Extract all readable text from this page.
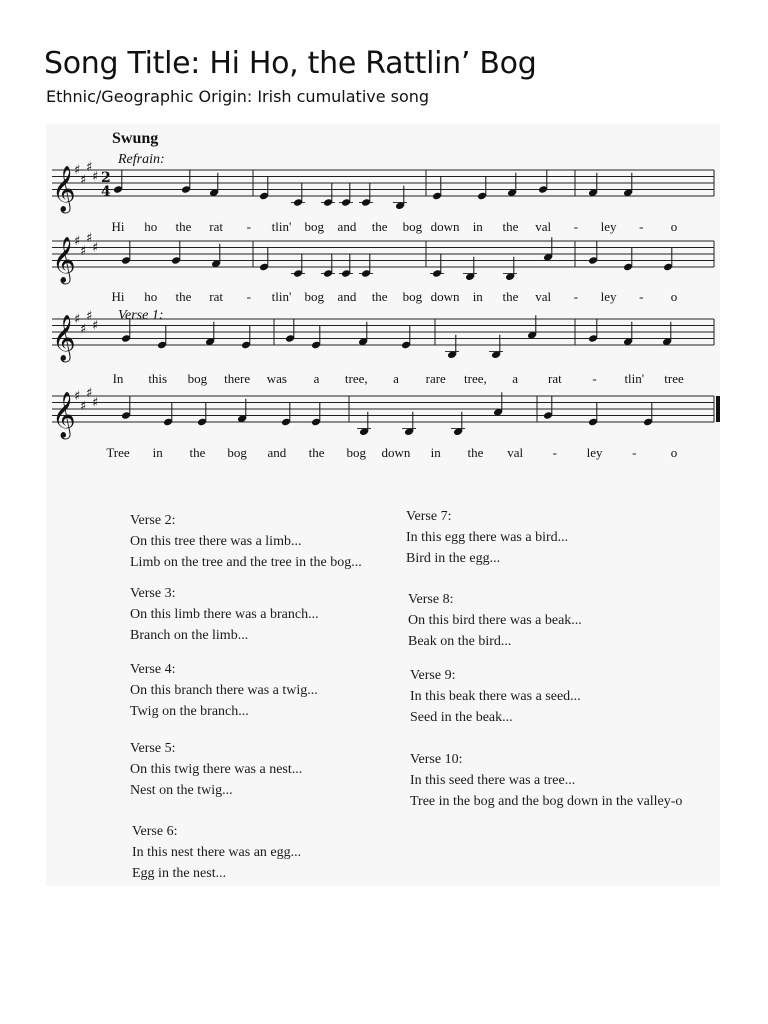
Song Title: Hi Ho, the Rattlin’ Bog
Ethnic/Geographic Origin: Irish cumulative song
Swung
Refrain:
Verse 1:
𝄞
♯
♯
♯
♯ 2
4
Hi ho the rat - tlin' bog and the bog down in the val - ley - o
𝄞
♯
♯
♯
♯
Hi ho the rat - tlin' bog and the bog down in the val - ley - o
𝄞
♯
♯
♯
♯
In this bog there was a tree, a rare tree, a rat - tlin' tree
𝄞
♯
♯
♯
♯
Tree in the bog and the bog down in the val - ley -	o
Verse 2:
On this tree there was a limb...
Limb on the tree and the tree in the bog...
Verse 3:
On this limb there was a branch...
Branch on the limb...
Verse 4:
On this branch there was a twig...
Twig on the branch...
Verse 5:
On this twig there was a nest...
Nest on the twig...
Verse 6:
In this nest there was an egg...
Egg in the nest...
Verse 7:
In this egg there was a bird...
Bird in the egg...
Verse 8:
On this bird there was a beak...
Beak on the bird...
Verse 9:
In this beak there was a seed...
Seed in the beak...
Verse 10:
In this seed there was a tree...
Tree in the bog and the bog down in the valley-o
